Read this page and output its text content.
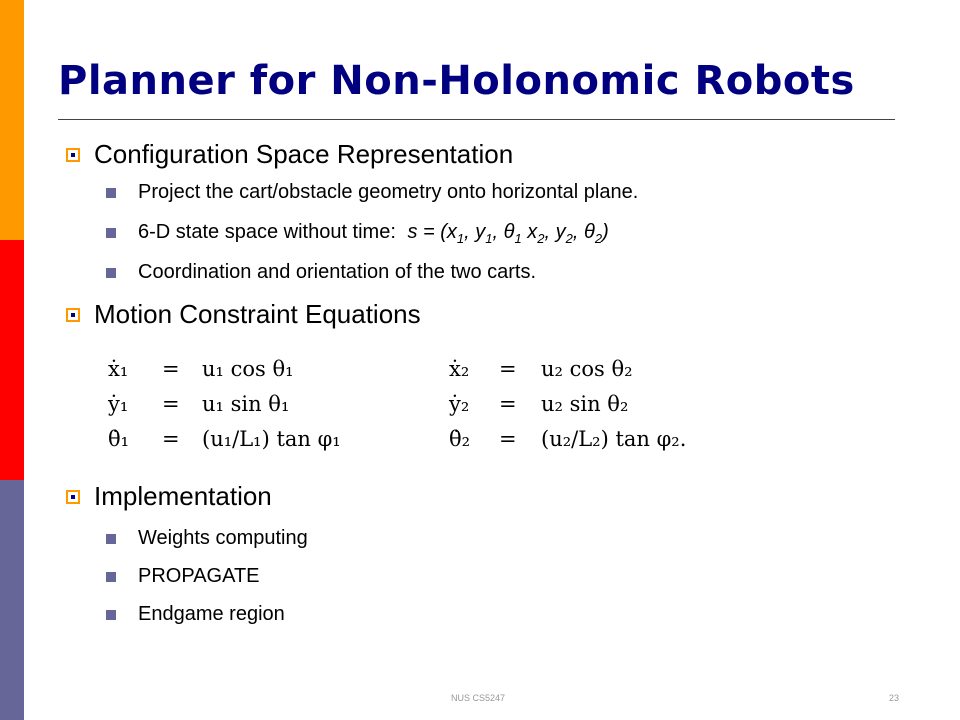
Planner for Non-Holonomic Robots
Configuration Space Representation
Project the cart/obstacle geometry onto horizontal plane.
6-D state space without time: $s = (x_1$, $y_1$, $\theta_1$ $x_2$, $y_2$, $\theta_2$)
Coordination and orientation of the two carts.
Motion Constraint Equations
ẋ₁ = u₁ cos θ₁
ẏ₁ = u₁ sin θ₁
θ̇₁ = (u₁/L₁) tan φ₁
ẋ₂ = u₂ cos θ₂
ẏ₂ = u₂ sin θ₂
θ̇₂ = (u₂/L₂) tan φ₂.
Implementation
Weights computing
PROPAGATE
Endgame region
NUS CS5247	23
